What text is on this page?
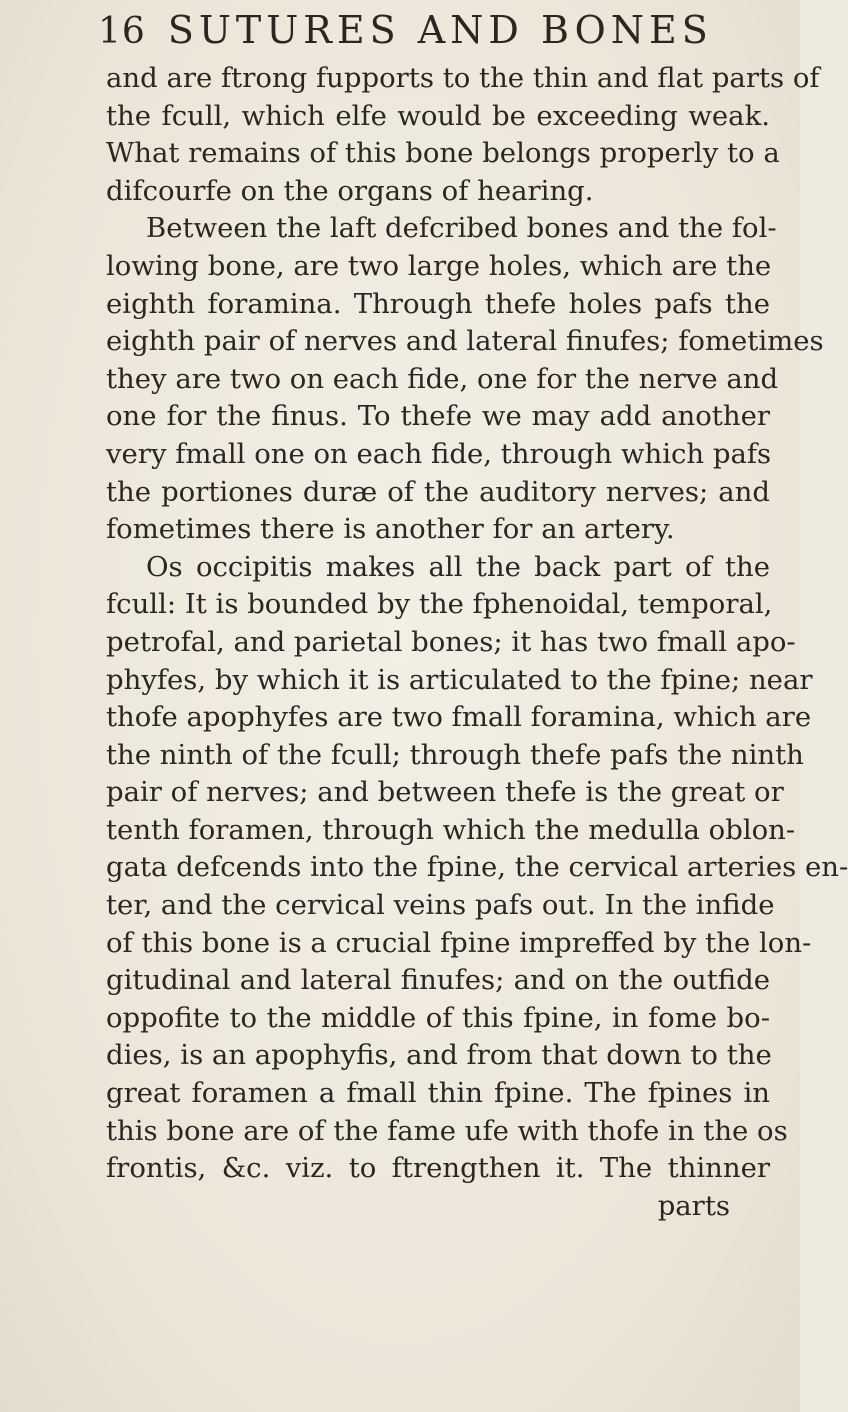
16 SUTURES AND BONES
and are ftrong fupports to the thin and flat parts of
the fcull, which elfe would be exceeding weak.
What remains of this bone belongs properly to a
difcourfe on the organs of hearing.
Between the laft defcribed bones and the fol-
lowing bone, are two large holes, which are the
eighth foramina. Through thefe holes pafs the
eighth pair of nerves and lateral finufes; fometimes
they are two on each fide, one for the nerve and
one for the finus. To thefe we may add another
very fmall one on each fide, through which pafs
the portiones duræ of the auditory nerves; and
fometimes there is another for an artery.
Os occipitis makes all the back part of the
fcull: It is bounded by the fphenoidal, temporal,
petrofal, and parietal bones; it has two fmall apo-
phyfes, by which it is articulated to the fpine; near
thofe apophyfes are two fmall foramina, which are
the ninth of the fcull; through thefe pafs the ninth
pair of nerves; and between thefe is the great or
tenth foramen, through which the medulla oblon-
gata defcends into the fpine, the cervical arteries en-
ter, and the cervical veins pafs out. In the infide
of this bone is a crucial fpine impreffed by the lon-
gitudinal and lateral finufes; and on the outfide
oppofite to the middle of this fpine, in fome bo-
dies, is an apophyfis, and from that down to the
great foramen a fmall thin fpine. The fpines in
this bone are of the fame ufe with thofe in the os
frontis, &c. viz. to ftrengthen it. The thinner
parts
